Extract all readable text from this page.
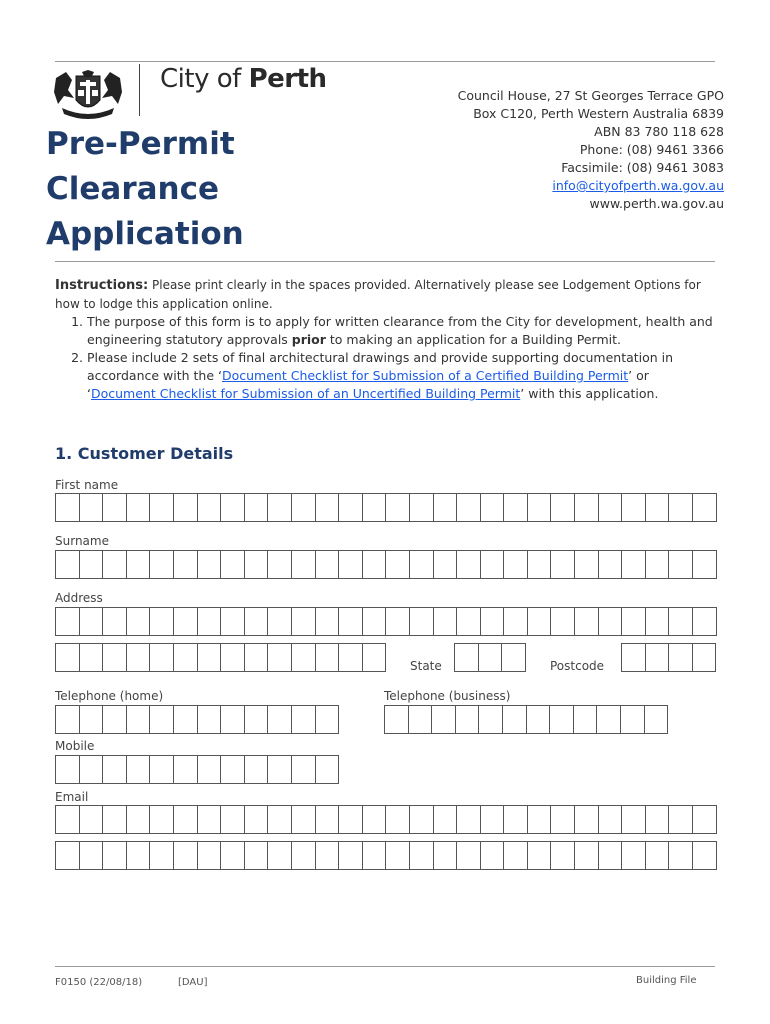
City of Perth
Pre-Permit
Clearance
Application
Council House, 27 St Georges Terrace GPO
Box C120, Perth Western Australia 6839
ABN 83 780 118 628
Phone: (08) 9461 3366
Facsimile: (08) 9461 3083
info@cityofperth.wa.gov.au
www.perth.wa.gov.au
Instructions: Please print clearly in the spaces provided. Alternatively please see Lodgement Options for how to lodge this application online.
1. The purpose of this form is to apply for written clearance from the City for development, health and engineering statutory approvals prior to making an application for a Building Permit.
2. Please include 2 sets of final architectural drawings and provide supporting documentation in accordance with the ‘Document Checklist for Submission of a Certified Building Permit’ or ‘Document Checklist for Submission of an Uncertified Building Permit’ with this application.
1. Customer Details
First name
Surname
Address
State	Postcode
Telephone (home)	Telephone (business)
Mobile
Email
F0150 (22/08/18)	[DAU]	Building File
